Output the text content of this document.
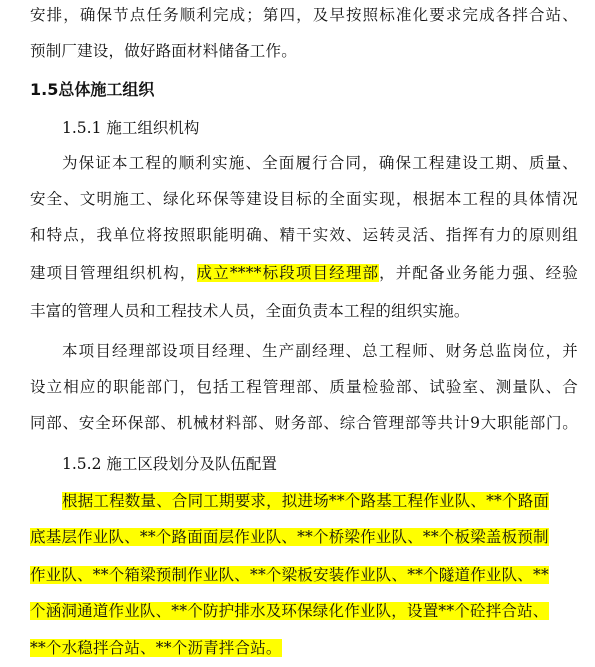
安排，确保节点任务顺利完成；第四，及早按照标准化要求完成各拌合站、
预制厂建设，做好路面材料储备工作。
1.5总体施工组织
1.5.1 施工组织机构
为保证本工程的顺利实施、全面履行合同，确保工程建设工期、质量、
安全、文明施工、绿化环保等建设目标的全面实现，根据本工程的具体情况
和特点，我单位将按照职能明确、精干实效、运转灵活、指挥有力的原则组
建项目管理组织机构，成立****标段项目经理部，并配备业务能力强、经验
丰富的管理人员和工程技术人员，全面负责本工程的组织实施。
本项目经理部设项目经理、生产副经理、总工程师、财务总监岗位，并
设立相应的职能部门，包括工程管理部、质量检验部、试验室、测量队、合
同部、安全环保部、机械材料部、财务部、综合管理部等共计9大职能部门。
1.5.2 施工区段划分及队伍配置
根据工程数量、合同工期要求，拟进场**个路基工程作业队、**个路面
底基层作业队、**个路面面层作业队、**个桥梁作业队、**个板梁盖板预制
作业队、**个箱梁预制作业队、**个梁板安装作业队、**个隧道作业队、**
个涵洞通道作业队、**个防护排水及环保绿化作业队，设置**个砼拌合站、
**个水稳拌合站、**个沥青拌合站。
